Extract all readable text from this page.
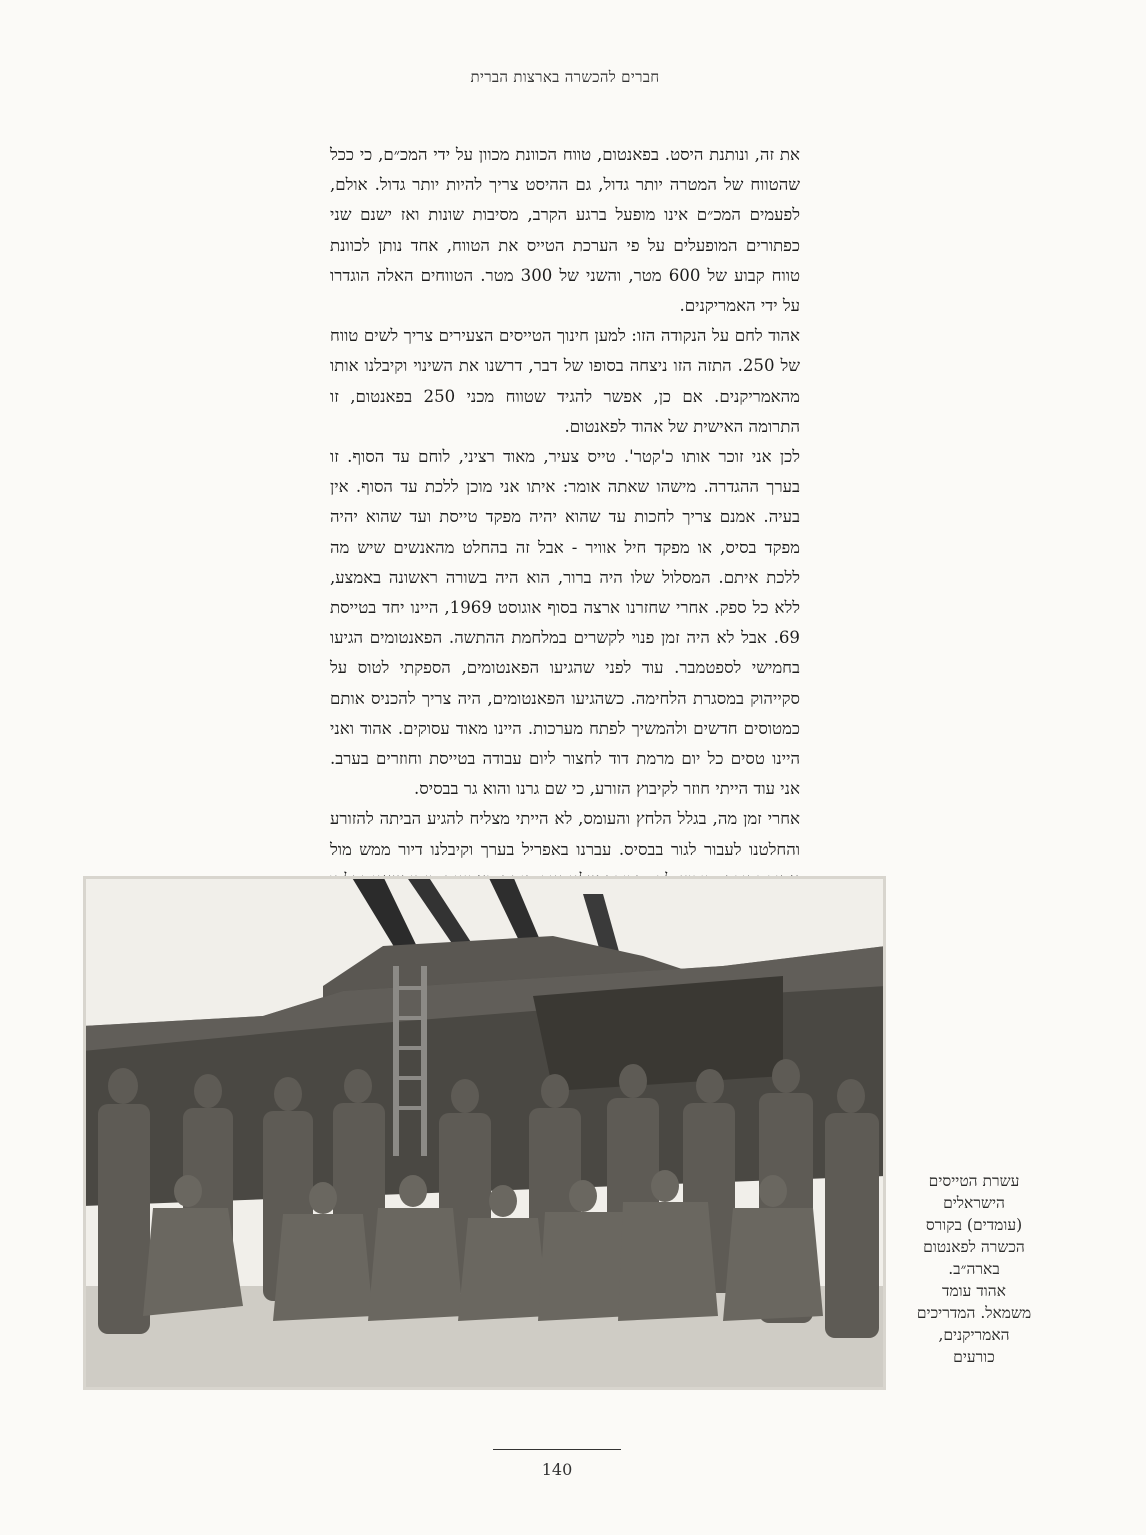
חברים להכשרה בארצות הברית

את זה, ונותנת היסט. בפאנטום, טווח הכוונת מכוון על ידי המכ״ם, כי ככל שהטווח של המטרה יותר גדול, גם ההיסט צריך להיות יותר גדול. אולם, לפעמים המכ״ם אינו מופעל ברגע הקרב, מסיבות שונות ואז ישנם שני כפתורים המופעלים על פי הערכת הטייס את הטווח, אחד נותן לכוונת טווח קבוע של 600 מטר, והשני של 300 מטר. הטווחים האלה הוגדרו על ידי האמריקנים.

אהוד לחם על הנקודה הזו: למען חינוך הטייסים הצעירים צריך לשים טווח של 250. התזה הזו ניצחה בסופו של דבר, דרשנו את השינוי וקיבלנו אותו מהאמריקנים. אם כן, אפשר להגיד שטווח מכני 250 בפאנטום, זו התרומה האישית של אהוד לפאנטום.

לכן אני זוכר אותו כ'קטר'. טייס צעיר, מאוד רציני, לוחם עד הסוף. זו בערך ההגדרה. מישהו שאתה אומר: איתו אני מוכן ללכת עד הסוף. אין בעיה. אמנם צריך לחכות עד שהוא יהיה מפקד טייסת ועד שהוא יהיה מפקד בסיס, או מפקד חיל אוויר - אבל זה בהחלט מהאנשים שיש מה ללכת איתם. המסלול שלו היה ברור, הוא היה בשורה ראשונה באמצע, ללא כל ספק. אחרי שחזרנו ארצה בסוף אוגוסט 1969, היינו יחד בטייסת 69. אבל לא היה זמן פנוי לקשרים במלחמת ההתשה. הפאנטומים הגיעו בחמישי לספטמבר. עוד לפני שהגיעו הפאנטומים, הספקתי לטוס על סקייהוק במסגרת הלחימה. כשהגיעו הפאנטומים, היה צריך להכניס אותם כמטוסים חדשים ולהמשיך לפתח מערכות. היינו מאוד עסוקים. אהוד ואני היינו טסים כל יום מרמת דוד לחצור ליום עבודה בטייסת וחוזרים בערב. אני עוד הייתי חוזר לקיבוץ הזורע, כי שם גרנו והוא גר בבסיס.

אחרי זמן מה, בגלל הלחץ והעומס, לא הייתי מצליח להגיע הביתה להזורע והחלטנו לעבור לגור בבסיס. עברנו באפריל בערך וקיבלנו דיור ממש מול

עשרת הטייסים
הישראלים
(עומדים) בקורס
הכשרה לפאנטום
בארה״ב.
אהוד עומד
משמאל. המדריכים
האמריקנים,
כורעים
140
